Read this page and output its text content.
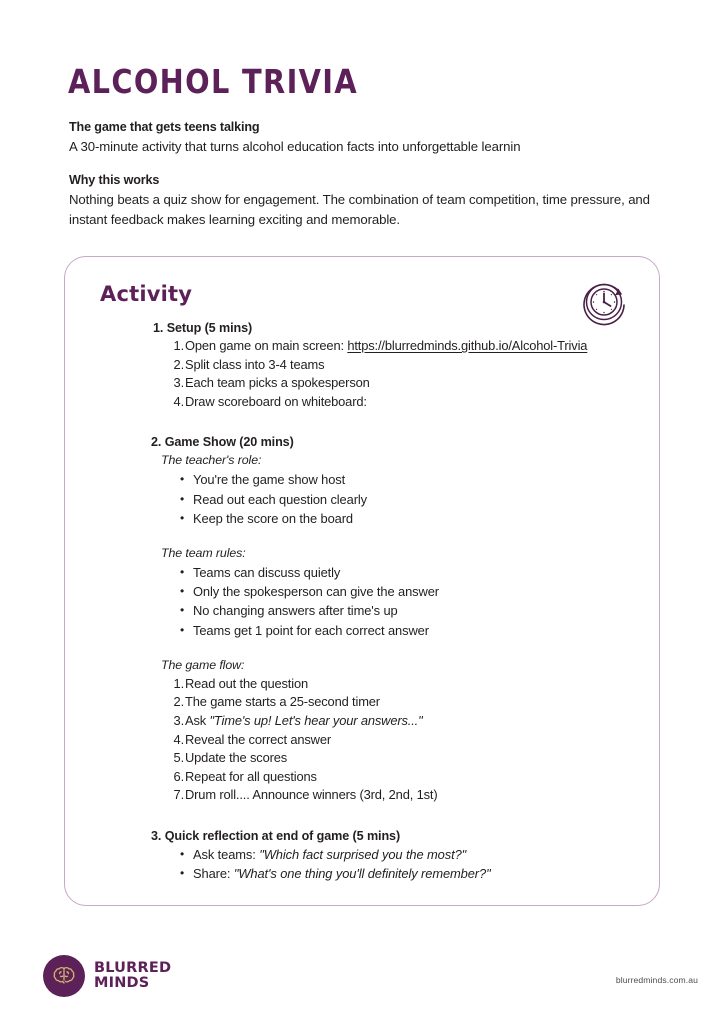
ALCOHOL TRIVIA
The game that gets teens talking
A 30-minute activity that turns alcohol education facts into unforgettable learnin
Why this works
Nothing beats a quiz show for engagement. The combination of team competition, time pressure, and instant feedback makes learning exciting and memorable.
Activity
1. Setup (5 mins)
1. Open game on main screen: https://blurredminds.github.io/Alcohol-Trivia
2. Split class into 3-4 teams
3. Each team picks a spokesperson
4. Draw scoreboard on whiteboard:
2. Game Show (20 mins)
The teacher's role:
• You're the game show host
• Read out each question clearly
• Keep the score on the board
The team rules:
• Teams can discuss quietly
• Only the spokesperson can give the answer
• No changing answers after time's up
• Teams get 1 point for each correct answer
The game flow:
1. Read out the question
2. The game starts a 25-second timer
3. Ask "Time's up! Let's hear your answers..."
4. Reveal the correct answer
5. Update the scores
6. Repeat for all questions
7. Drum roll.... Announce winners (3rd, 2nd, 1st)
3. Quick reflection at end of game (5 mins)
• Ask teams: "Which fact surprised you the most?"
• Share: "What's one thing you'll definitely remember?"
BLURRED
MINDS	blurredminds.com.au
